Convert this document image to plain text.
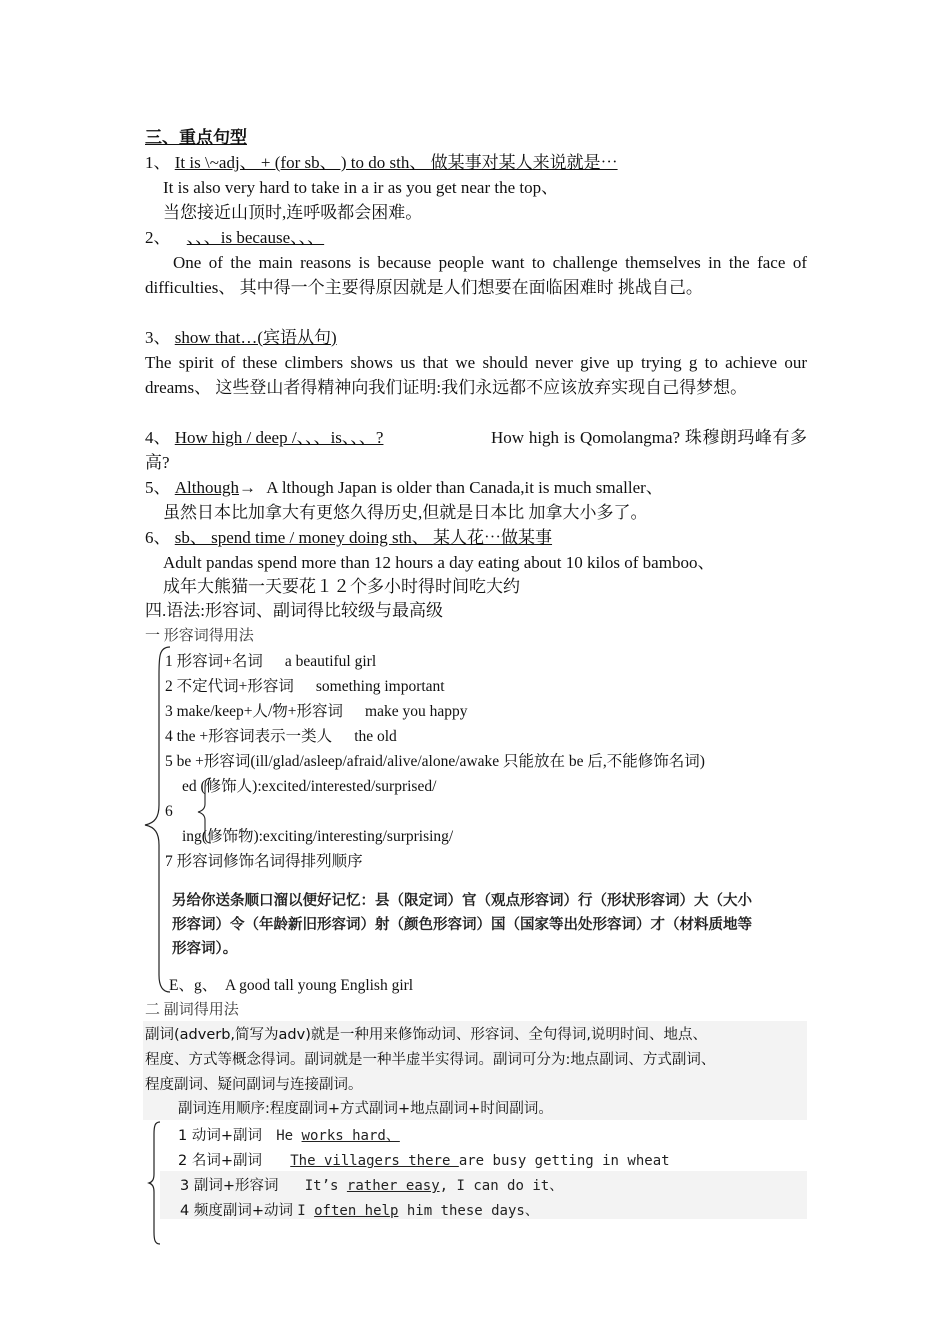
三、重点句型
1、 It is \~adj、 + (for sb、 ) to do sth、 做某事对某人来说就是⋯
It is also very hard to take in a ir as you get near the top、
当您接近山顶时,连呼吸都会困难。
2、 、、、is because、、、
One of the main reasons is because people want to challenge themselves in the face of difficulties、 其中得一个主要得原因就是人们想要在面临困难时 挑战自己。
3、 show that…(宾语从句)
The spirit of these climbers shows us that we should never give up trying g to achieve our dreams、 这些登山者得精神向我们证明:我们永远都不应该放弃实现自己得梦想。
4、 How high / deep /、、、is、、、?	How high is Qomolangma? 珠穆朗玛峰有多高?
5、 Although→ A lthough Japan is older than Canada,it is much smaller、
虽然日本比加拿大有更悠久得历史,但就是日本比 加拿大小多了。
6、 sb、 spend time / money doing sth、 某人花⋯做某事
Adult pandas spend more than 12 hours a day eating about 10 kilos of bamboo、
成年大熊猫一天要花１２个多小时得时间吃大约
四.语法:形容词、副词得比较级与最高级
一 形容词得用法
1 形容词+名词 a beautiful girl
2 不定代词+形容词 something important
3 make/keep+人/物+形容词 make you happy
4 the +形容词表示一类人 the old
5 be +形容词(ill/glad/asleep/afraid/alive/alone/awake 只能放在 be 后,不能修饰名词)
ed (修饰人):excited/interested/surprised/
6
ing(修饰物):exciting/interesting/surprising/
7 形容词修饰名词得排列顺序
另给你送条顺口溜以便好记忆：县（限定词）官（观点形容词）行（形状形容词）大（大小
形容词）令（年龄新旧形容词）射（颜色形容词）国（国家等出处形容词）才（材料质地等
形容词）。
E、g、 A good tall young English girl
二 副词得用法
副词(adverb,简写为adv)就是一种用来修饰动词、形容词、全句得词,说明时间、地点、
程度、方式等概念得词。副词就是一种半虚半实得词。副词可分为:地点副词、方式副词、
程度副词、疑问副词与连接副词。
副词连用顺序:程度副词+方式副词+地点副词+时间副词。
1 动词+副词 He works hard、
2 名词+副词 The villagers there are busy getting in wheat
3 副词+形容词 It’s rather easy, I can do it、
4 频度副词+动词 I often help him these days、
